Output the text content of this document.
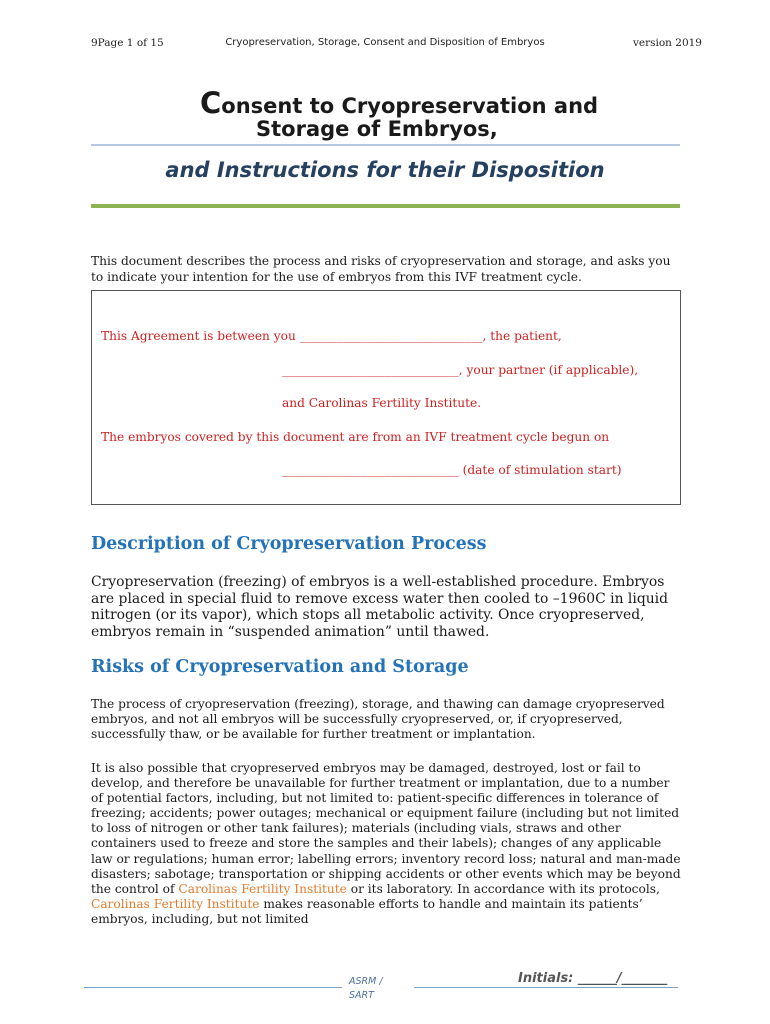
9Page 1 of 15	Cryopreservation, Storage, Consent and Disposition of Embryos	version 2019
Consent to Cryopreservation and
Storage of Embryos,
and Instructions for their Disposition
This document describes the process and risks of cryopreservation and storage, and asks you to indicate your intention for the use of embryos from this IVF treatment cycle.
This Agreement is between you ______________________________, the patient,
_____________________________, your partner (if applicable),
and Carolinas Fertility Institute.
The embryos covered by this document are from an IVF treatment cycle begun on
_____________________________ (date of stimulation start)
Description of Cryopreservation Process
Cryopreservation (freezing) of embryos is a well-established procedure. Embryos are placed in special fluid to remove excess water then cooled to –1960C in liquid nitrogen (or its vapor), which stops all metabolic activity. Once cryopreserved, embryos remain in “suspended animation” until thawed.
Risks of Cryopreservation and Storage
The process of cryopreservation (freezing), storage, and thawing can damage cryopreserved embryos, and not all embryos will be successfully cryopreserved, or, if cryopreserved, successfully thaw, or be available for further treatment or implantation.
It is also possible that cryopreserved embryos may be damaged, destroyed, lost or fail to develop, and therefore be unavailable for further treatment or implantation, due to a number of potential factors, including, but not limited to: patient-specific differences in tolerance of freezing; accidents; power outages; mechanical or equipment failure (including but not limited to loss of nitrogen or other tank failures); materials (including vials, straws and other containers used to freeze and store the samples and their labels); changes of any applicable law or regulations; human error; labelling errors; inventory record loss; natural and man-made disasters; sabotage; transportation or shipping accidents or other events which may be beyond the control of Carolinas Fertility Institute or its laboratory. In accordance with its protocols, Carolinas Fertility Institute makes reasonable efforts to handle and maintain its patients’ embryos, including, but not limited
ASRM /
SART
Initials: ______/_______
